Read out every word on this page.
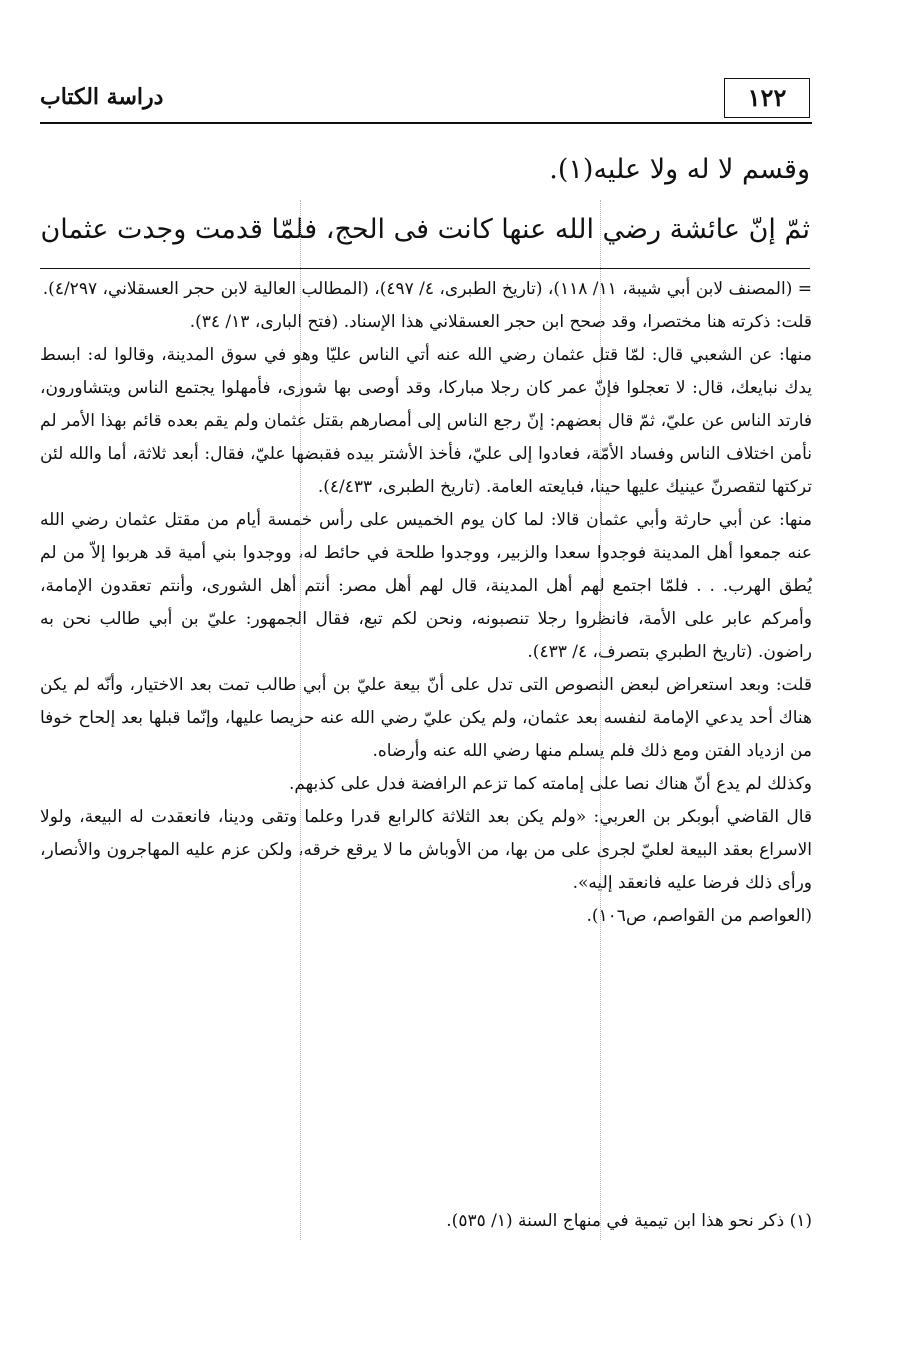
١٢٢
دراسة الكتاب

وقسم لا له ولا عليه(١).

ثمّ إنّ عائشة رضي الله عنها كانت فى الحج، فلمّا قدمت وجدت عثمان

= (المصنف لابن أبي شيبة، ١١/ ١١٨)، (تاريخ الطبرى، ٤/ ٤٩٧)، (المطالب العالية لابن حجر العسقلاني، ٤/٢٩٧).

قلت: ذكرته هنا مختصرا، وقد صحح ابن حجر العسقلاني هذا الإسناد. (فتح البارى، ١٣/ ٣٤).

منها: عن الشعبي قال: لمّا قتل عثمان رضي الله عنه أتي الناس عليّا وهو في سوق المدينة، وقالوا له: ابسط يدك نبايعك، قال: لا تعجلوا فإنّ عمر كان رجلا مباركا، وقد أوصى بها شورى، فأمهلوا يجتمع الناس ويتشاورون، فارتد الناس عن عليّ، ثمّ قال بعضهم: إنّ رجع الناس إلى أمصارهم بقتل عثمان ولم يقم بعده قائم بهذا الأمر لم نأمن اختلاف الناس وفساد الأمّة، فعادوا إلى عليّ، فأخذ الأشتر بيده فقبضها عليّ، فقال: أبعد ثلاثة، أما والله لئن تركتها لتقصرنّ عينيك عليها حينا، فبايعته العامة. (تاريخ الطبرى، ٤/٤٣٣).

منها: عن أبي حارثة وأبي عثمان قالا: لما كان يوم الخميس على رأس خمسة أيام من مقتل عثمان رضي الله عنه جمعوا أهل المدينة فوجدوا سعدا والزبير، ووجدوا طلحة في حائط له، ووجدوا بني أمية قد هربوا إلاّ من لم يُطق الهرب. . . فلمّا اجتمع لهم أهل المدينة، قال لهم أهل مصر: أنتم أهل الشورى، وأنتم تعقدون الإمامة، وأمركم عابر على الأمة، فانظروا رجلا تنصبونه، ونحن لكم تبع، فقال الجمهور: عليّ بن أبي طالب نحن به راضون. (تاريخ الطبري بتصرف، ٤/ ٤٣٣).

قلت: وبعد استعراض لبعض النصوص التى تدل على أنّ بيعة عليّ بن أبي طالب تمت بعد الاختيار، وأنّه لم يكن هناك أحد يدعي الإمامة لنفسه بعد عثمان، ولم يكن عليّ رضي الله عنه حريصا عليها، وإنّما قبلها بعد إلحاح خوفا من ازدياد الفتن ومع ذلك فلم يسلم منها رضي الله عنه وأرضاه.

وكذلك لم يدع أنّ هناك نصا على إمامته كما تزعم الرافضة فدل على كذبهم.

قال القاضي أبوبكر بن العربي: «ولم يكن بعد الثلاثة كالرابع قدرا وعلما وتقى ودينا، فانعقدت له البيعة، ولولا الاسراع بعقد البيعة لعليّ لجرى على من بها، من الأوباش ما لا يرقع خرقه، ولكن عزم عليه المهاجرون والأنصار، ورأى ذلك فرضا عليه فانعقد إليه».

(العواصم من القواصم، ص١٠٦).

(١) ذكر نحو هذا ابن تيمية في منهاج السنة (١/ ٥٣٥).
